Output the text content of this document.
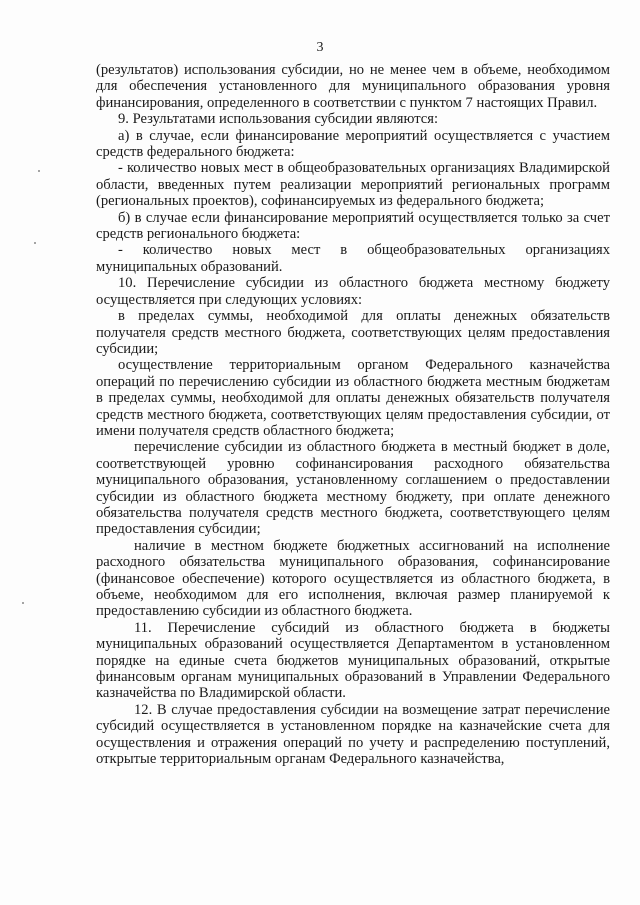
3

(результатов) использования субсидии, но не менее чем в объеме, необходимом для обеспечения установленного для муниципального образования уровня финансирования, определенного в соответствии с пунктом 7 настоящих Правил.

9. Результатами использования субсидии являются:

а) в случае, если финансирование мероприятий осуществляется с участием средств федерального бюджета:

- количество новых мест в общеобразовательных организациях Владимирской области, введенных путем реализации мероприятий региональных программ (региональных проектов), софинансируемых из федерального бюджета;

б) в случае если финансирование мероприятий осуществляется только за счет средств регионального бюджета:

- количество новых мест в общеобразовательных организациях муниципальных образований.

10. Перечисление субсидии из областного бюджета местному бюджету осуществляется при следующих условиях:

в пределах суммы, необходимой для оплаты денежных обязательств получателя средств местного бюджета, соответствующих целям предоставления субсидии;

осуществление территориальным органом Федерального казначейства операций по перечислению субсидии из областного бюджета местным бюджетам в пределах суммы, необходимой для оплаты денежных обязательств получателя средств местного бюджета, соответствующих целям предоставления субсидии, от имени получателя средств областного бюджета;

перечисление субсидии из областного бюджета в местный бюджет в доле, соответствующей уровню софинансирования расходного обязательства муниципального образования, установленному соглашением о предоставлении субсидии из областного бюджета местному бюджету, при оплате денежного обязательства получателя средств местного бюджета, соответствующего целям предоставления субсидии;

наличие в местном бюджете бюджетных ассигнований на исполнение расходного обязательства муниципального образования, софинансирование (финансовое обеспечение) которого осуществляется из областного бюджета, в объеме, необходимом для его исполнения, включая размер планируемой к предоставлению субсидии из областного бюджета.

11. Перечисление субсидий из областного бюджета в бюджеты муниципальных образований осуществляется Департаментом в установленном порядке на единые счета бюджетов муниципальных образований, открытые финансовым органам муниципальных образований в Управлении Федерального казначейства по Владимирской области.

12. В случае предоставления субсидии на возмещение затрат перечисление субсидий осуществляется в установленном порядке на казначейские счета для осуществления и отражения операций по учету и распределению поступлений, открытые территориальным органам Федерального казначейства,
